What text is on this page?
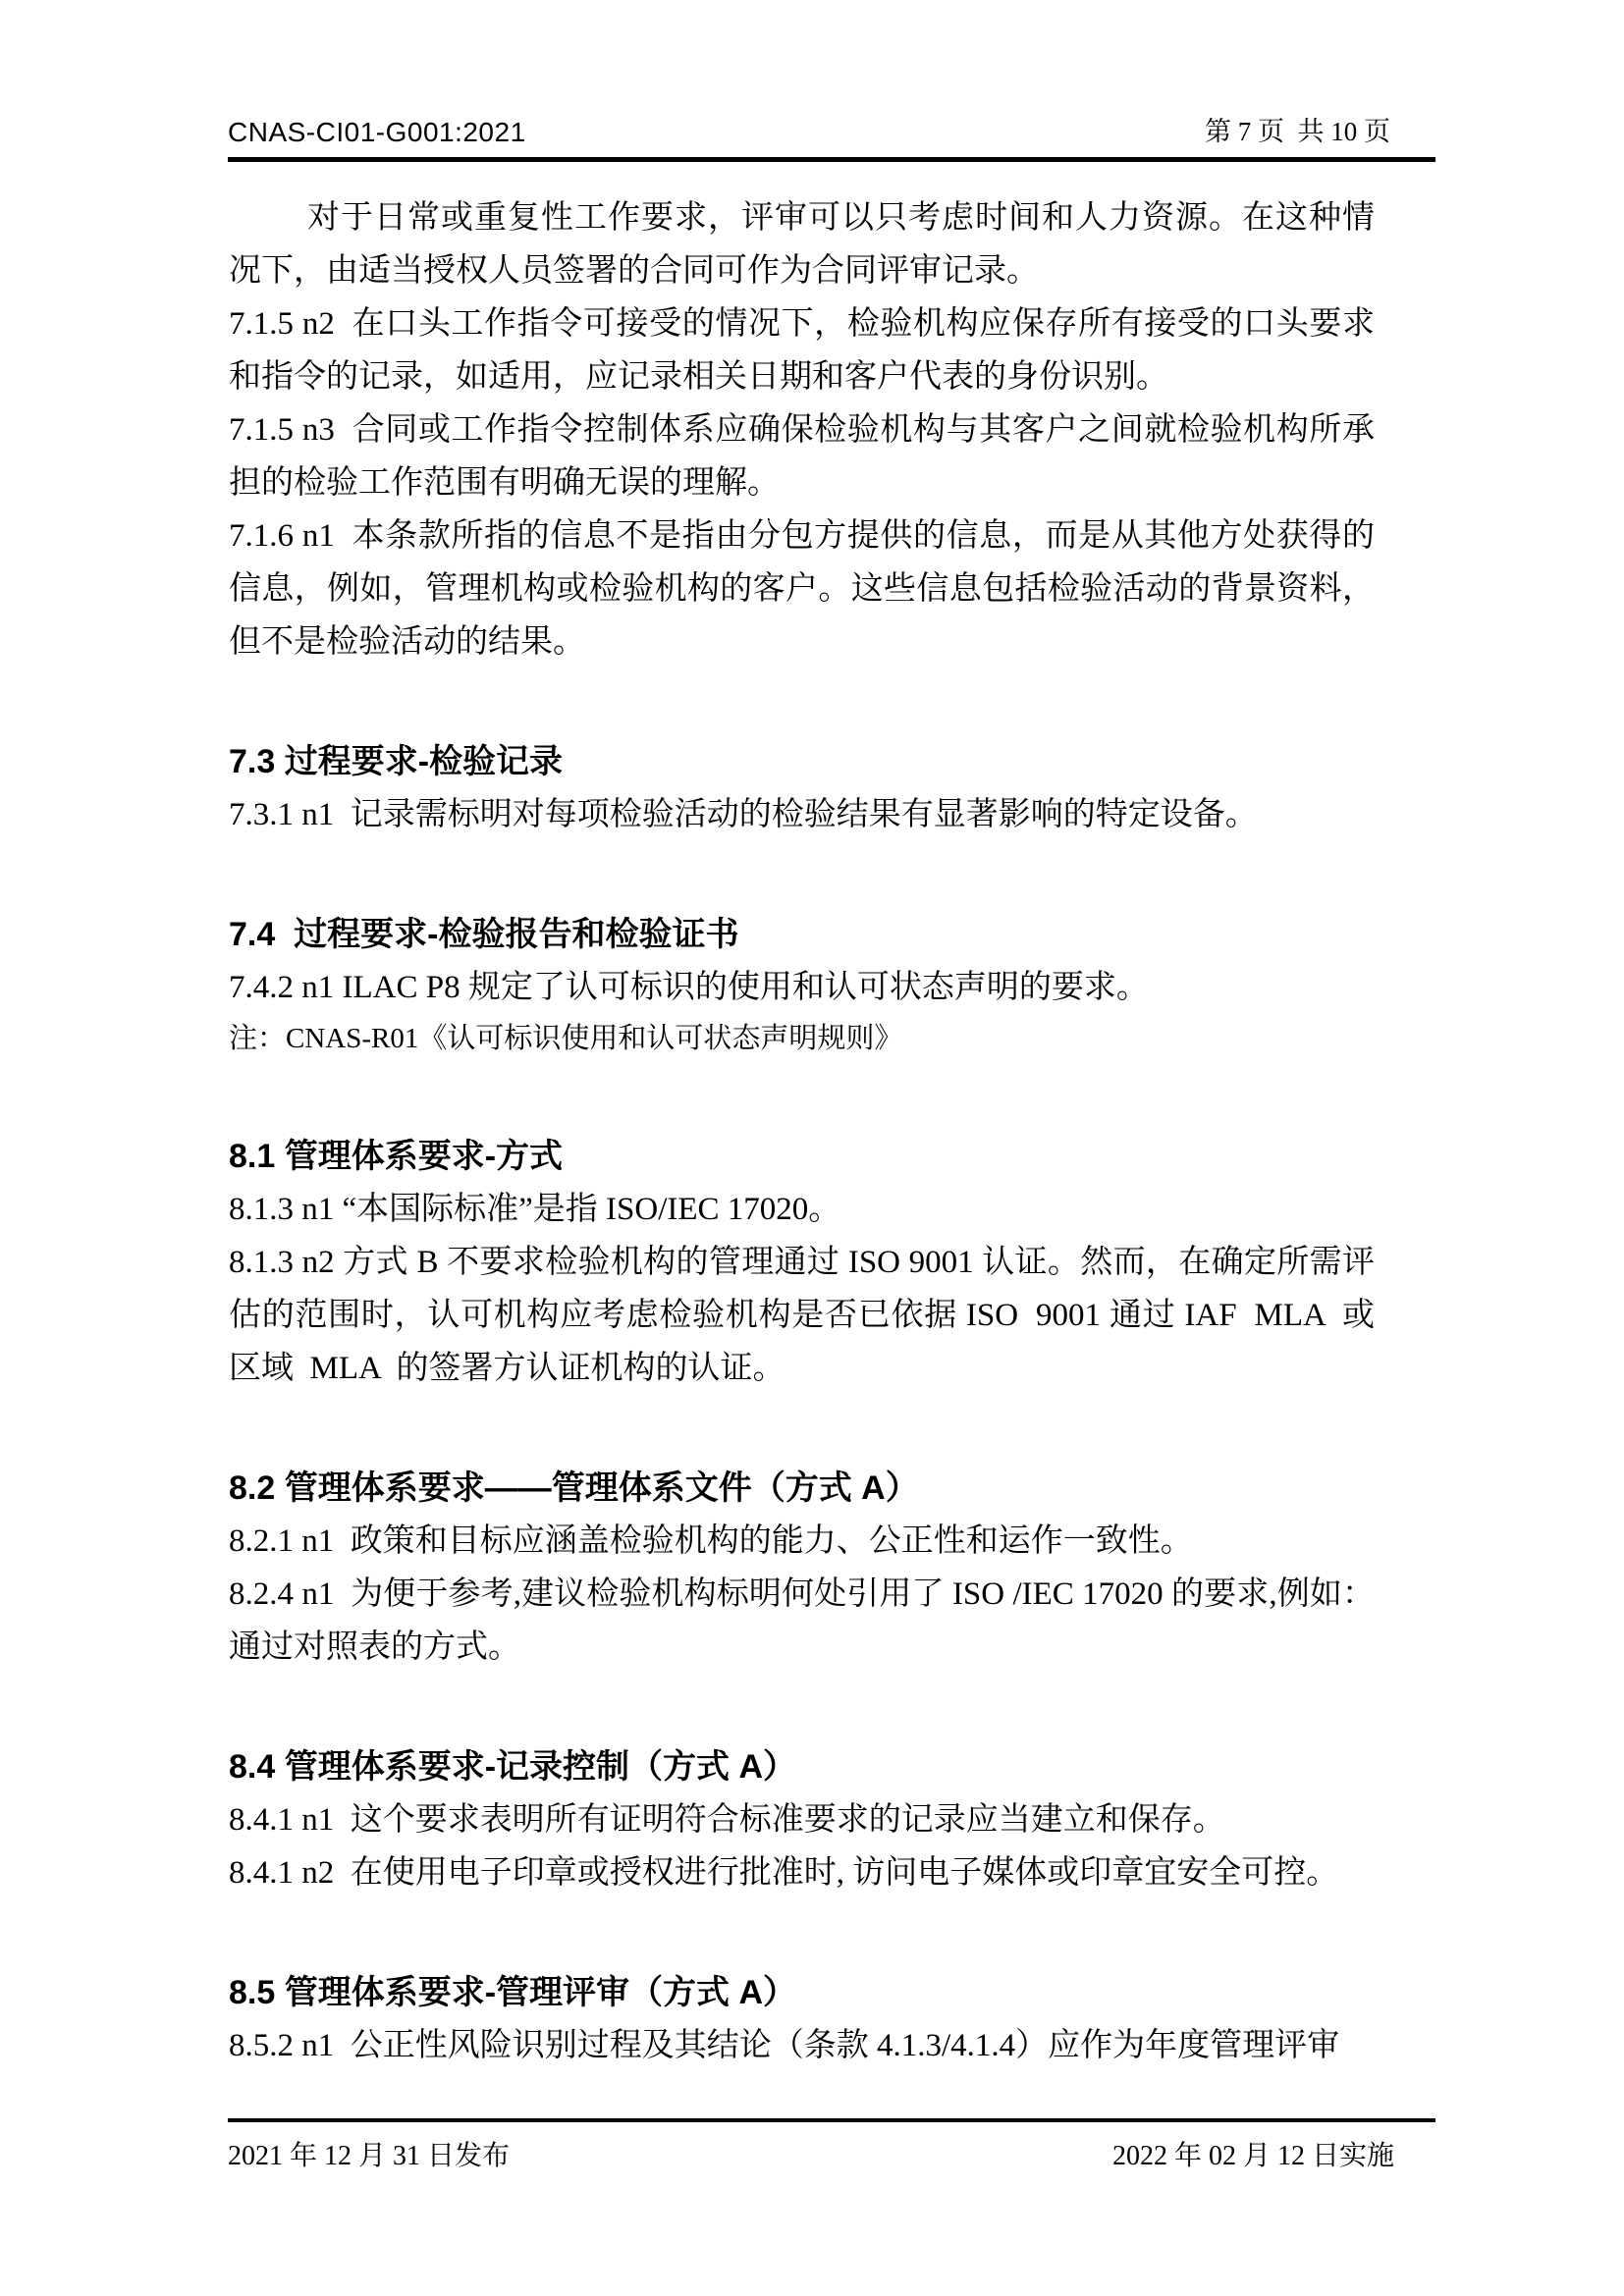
CNAS-CI01-G001:2021	第 7 页  共 10 页

对于日常或重复性工作要求，评审可以只考虑时间和人力资源。在这种情况下，由适当授权人员签署的合同可作为合同评审记录。

7.1.5 n2  在口头工作指令可接受的情况下，检验机构应保存所有接受的口头要求和指令的记录，如适用，应记录相关日期和客户代表的身份识别。

7.1.5 n3  合同或工作指令控制体系应确保检验机构与其客户之间就检验机构所承担的检验工作范围有明确无误的理解。

7.1.6 n1  本条款所指的信息不是指由分包方提供的信息，而是从其他方处获得的信息，例如，管理机构或检验机构的客户。这些信息包括检验活动的背景资料，但不是检验活动的结果。

7.3 过程要求-检验记录

7.3.1 n1  记录需标明对每项检验活动的检验结果有显著影响的特定设备。

7.4  过程要求-检验报告和检验证书

7.4.2 n1 ILAC P8 规定了认可标识的使用和认可状态声明的要求。

注：CNAS-R01《认可标识使用和认可状态声明规则》

8.1 管理体系要求-方式

8.1.3 n1 “本国际标准”是指 ISO/IEC 17020。

8.1.3 n2 方式 B 不要求检验机构的管理通过 ISO 9001 认证。然而，在确定所需评估的范围时，认可机构应考虑检验机构是否已依据 ISO  9001 通过 IAF  MLA  或区域  MLA  的签署方认证机构的认证。

8.2 管理体系要求——管理体系文件（方式 A）

8.2.1 n1  政策和目标应涵盖检验机构的能力、公正性和运作一致性。

8.2.4 n1  为便于参考,建议检验机构标明何处引用了 ISO /IEC 17020 的要求,例如：通过对照表的方式。

8.4 管理体系要求-记录控制（方式 A）

8.4.1 n1  这个要求表明所有证明符合标准要求的记录应当建立和保存。

8.4.1 n2  在使用电子印章或授权进行批准时, 访问电子媒体或印章宜安全可控。

8.5 管理体系要求-管理评审（方式 A）

8.5.2 n1  公正性风险识别过程及其结论（条款 4.1.3/4.1.4）应作为年度管理评审

2021 年 12 月 31 日发布	2022 年 02 月 12 日实施
